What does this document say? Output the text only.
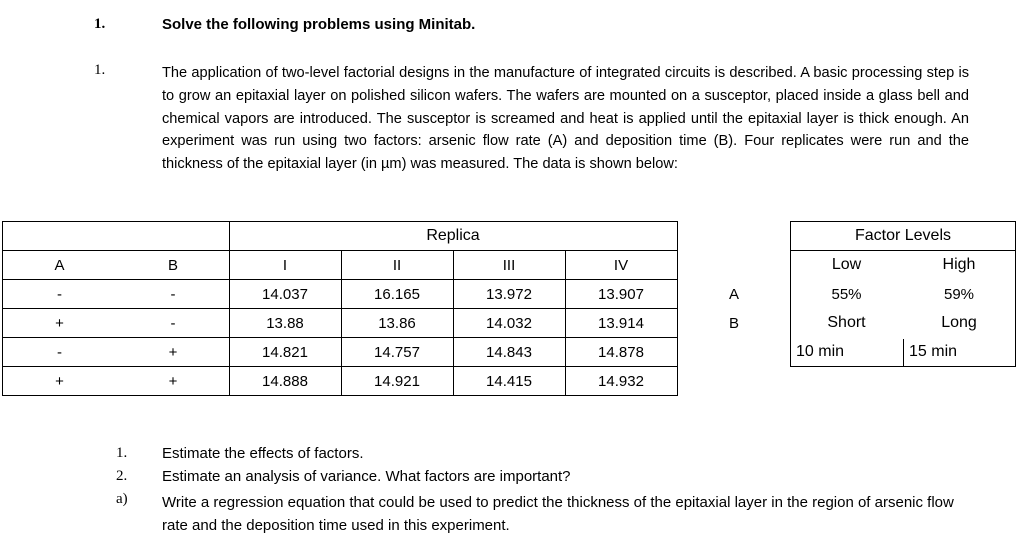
1.	Solve the following problems using Minitab.
1.	The application of two-level factorial designs in the manufacture of integrated circuits is described. A basic processing step is to grow an epitaxial layer on polished silicon wafers. The wafers are mounted on a susceptor, placed inside a glass bell and chemical vapors are introduced. The susceptor is screamed and heat is applied until the epitaxial layer is thick enough. An experiment was run using two factors: arsenic flow rate (A) and deposition time (B). Four replicates were run and the thickness of the epitaxial layer (in µm) was measured. The data is shown below:
Replica
A	B	I	II	III	IV
-	-	14.037	16.165	13.972	13.907
+	-	13.88	13.86	14.032	13.914
-	+	14.821	14.757	14.843	14.878
+	+	14.888	14.921	14.415	14.932
A
B
Factor Levels
Low	High
55%	59%
Short	Long
10 min	15 min
1. Estimate the effects of factors.
2. Estimate an analysis of variance. What factors are important?
a) Write a regression equation that could be used to predict the thickness of the epitaxial layer in the region of arsenic flow rate and the deposition time used in this experiment.
